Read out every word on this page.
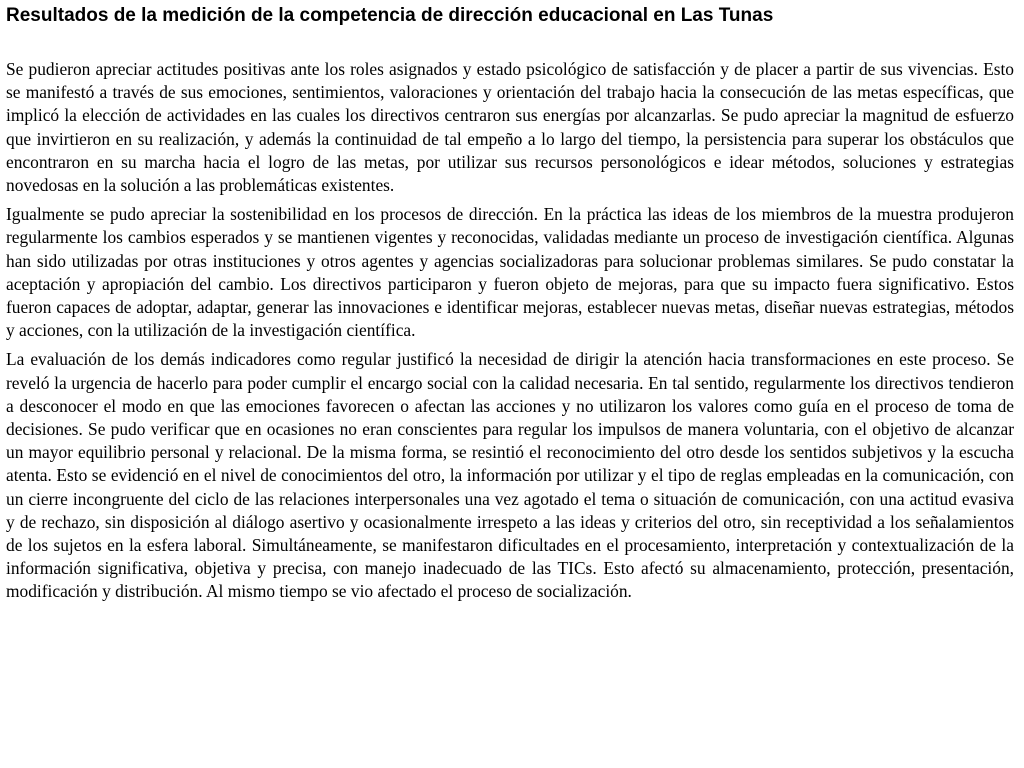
Resultados de la medición de la competencia de dirección educacional en Las Tunas

Se pudieron apreciar actitudes positivas ante los roles asignados y estado psicológico de satisfacción y de placer a partir de sus vivencias. Esto se manifestó a través de sus emociones, sentimientos, valoraciones y orientación del trabajo hacia la consecución de las metas específicas, que implicó la elección de actividades en las cuales los directivos centraron sus energías por alcanzarlas. Se pudo apreciar la magnitud de esfuerzo que invirtieron en su realización, y además la continuidad de tal empeño a lo largo del tiempo, la persistencia para superar los obstáculos que encontraron en su marcha hacia el logro de las metas, por utilizar sus recursos personológicos e idear métodos, soluciones y estrategias novedosas en la solución a las problemáticas existentes.

Igualmente se pudo apreciar la sostenibilidad en los procesos de dirección. En la práctica las ideas de los miembros de la muestra produjeron regularmente los cambios esperados y se mantienen vigentes y reconocidas, validadas mediante un proceso de investigación científica. Algunas han sido utilizadas por otras instituciones y otros agentes y agencias socializadoras para solucionar problemas similares. Se pudo constatar la aceptación y apropiación del cambio. Los directivos participaron y fueron objeto de mejoras, para que su impacto fuera significativo. Estos fueron capaces de adoptar, adaptar, generar las innovaciones e identificar mejoras, establecer nuevas metas, diseñar nuevas estrategias, métodos y acciones, con la utilización de la investigación científica.

La evaluación de los demás indicadores como regular justificó la necesidad de dirigir la atención hacia transformaciones en este proceso. Se reveló la urgencia de hacerlo para poder cumplir el encargo social con la calidad necesaria. En tal sentido, regularmente los directivos tendieron a desconocer el modo en que las emociones favorecen o afectan las acciones y no utilizaron los valores como guía en el proceso de toma de decisiones. Se pudo verificar que en ocasiones no eran conscientes para regular los impulsos de manera voluntaria, con el objetivo de alcanzar un mayor equilibrio personal y relacional. De la misma forma, se resintió el reconocimiento del otro desde los sentidos subjetivos y la escucha atenta. Esto se evidenció en el nivel de conocimientos del otro, la información por utilizar y el tipo de reglas empleadas en la comunicación, con un cierre incongruente del ciclo de las relaciones interpersonales una vez agotado el tema o situación de comunicación, con una actitud evasiva y de rechazo, sin disposición al diálogo asertivo y ocasionalmente irrespeto a las ideas y criterios del otro, sin receptividad a los señalamientos de los sujetos en la esfera laboral. Simultáneamente, se manifestaron dificultades en el procesamiento, interpretación y contextualización de la información significativa, objetiva y precisa, con manejo inadecuado de las TICs. Esto afectó su almacenamiento, protección, presentación, modificación y distribución. Al mismo tiempo se vio afectado el proceso de socialización.
